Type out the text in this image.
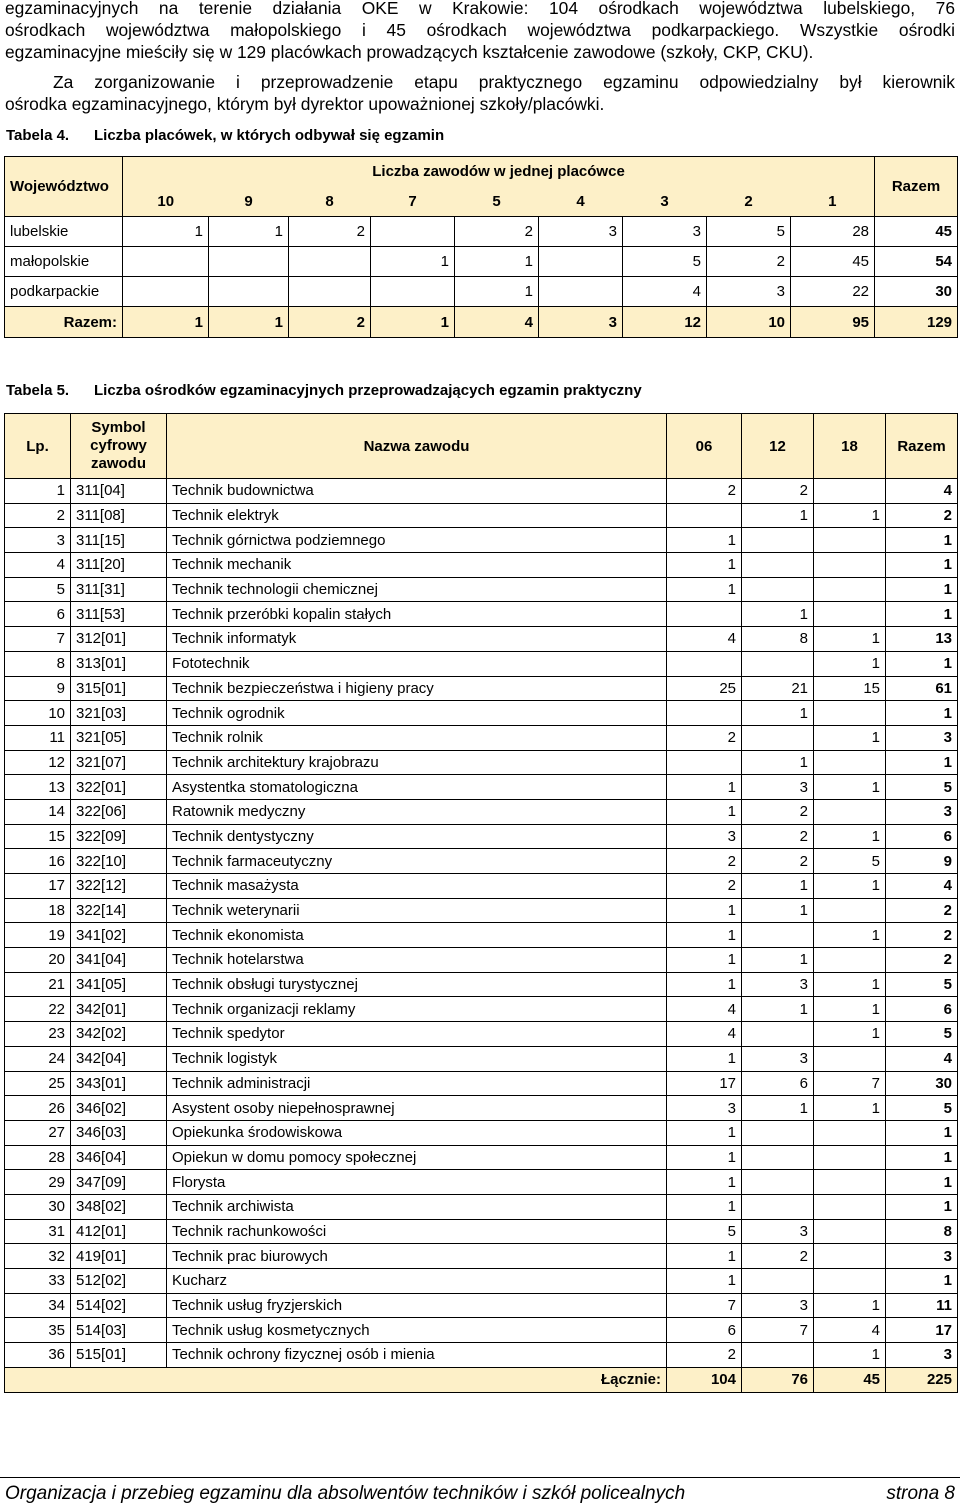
egzaminacyjnych na terenie działania OKE w Krakowie: 104 ośrodkach województwa lubelskiego, 76
ośrodkach województwa małopolskiego i 45 ośrodkach województwa podkarpackiego. Wszystkie ośrodki
egzaminacyjne mieściły się w 129 placówkach prowadzących kształcenie zawodowe (szkoły, CKP, CKU).
Za zorganizowanie i przeprowadzenie etapu praktycznego egzaminu odpowiedzialny był kierownik
ośrodka egzaminacyjnego, którym był dyrektor upoważnionej szkoły/placówki.
Tabela 4. Liczba placówek, w których odbywał się egzamin
Województwo	Liczba zawodów w jednej placówce									Razem
	10	9	8	7	5	4	3	2	1	
lubelskie	1	1	2		2	3	3	5	28	45
małopolskie				1	1		5	2	45	54
podkarpackie					1		4	3	22	30
Razem:	1	1	2	1	4	3	12	10	95	129
Tabela 5. Liczba ośrodków egzaminacyjnych przeprowadzających egzamin praktyczny
Lp.	Symbol
cyfrowy
zawodu	Nazwa zawodu	06	12	18	Razem
1	311[04]	Technik budownictwa	2	2		4
2	311[08]	Technik elektryk		1	1	2
3	311[15]	Technik górnictwa podziemnego	1			1
4	311[20]	Technik mechanik	1			1
5	311[31]	Technik technologii chemicznej	1			1
6	311[53]	Technik przeróbki kopalin stałych		1		1
7	312[01]	Technik informatyk	4	8	1	13
8	313[01]	Fototechnik			1	1
9	315[01]	Technik bezpieczeństwa i higieny pracy	25	21	15	61
10	321[03]	Technik ogrodnik		1		1
11	321[05]	Technik rolnik	2		1	3
12	321[07]	Technik architektury krajobrazu		1		1
13	322[01]	Asystentka stomatologiczna	1	3	1	5
14	322[06]	Ratownik medyczny	1	2		3
15	322[09]	Technik dentystyczny	3	2	1	6
16	322[10]	Technik farmaceutyczny	2	2	5	9
17	322[12]	Technik masażysta	2	1	1	4
18	322[14]	Technik weterynarii	1	1		2
19	341[02]	Technik ekonomista	1		1	2
20	341[04]	Technik hotelarstwa	1	1		2
21	341[05]	Technik obsługi turystycznej	1	3	1	5
22	342[01]	Technik organizacji reklamy	4	1	1	6
23	342[02]	Technik spedytor	4		1	5
24	342[04]	Technik logistyk	1	3		4
25	343[01]	Technik administracji	17	6	7	30
26	346[02]	Asystent osoby niepełnosprawnej	3	1	1	5
27	346[03]	Opiekunka środowiskowa	1			1
28	346[04]	Opiekun w domu pomocy społecznej	1			1
29	347[09]	Florysta	1			1
30	348[02]	Technik archiwista	1			1
31	412[01]	Technik rachunkowości	5	3		8
32	419[01]	Technik prac biurowych	1	2		3
33	512[02]	Kucharz	1			1
34	514[02]	Technik usług fryzjerskich	7	3	1	11
35	514[03]	Technik usług kosmetycznych	6	7	4	17
36	515[01]	Technik ochrony fizycznej osób i mienia	2		1	3
Łącznie:			104	76	45	225
Organizacja i przebieg egzaminu dla absolwentów techników i szkół policealnych	strona 8
